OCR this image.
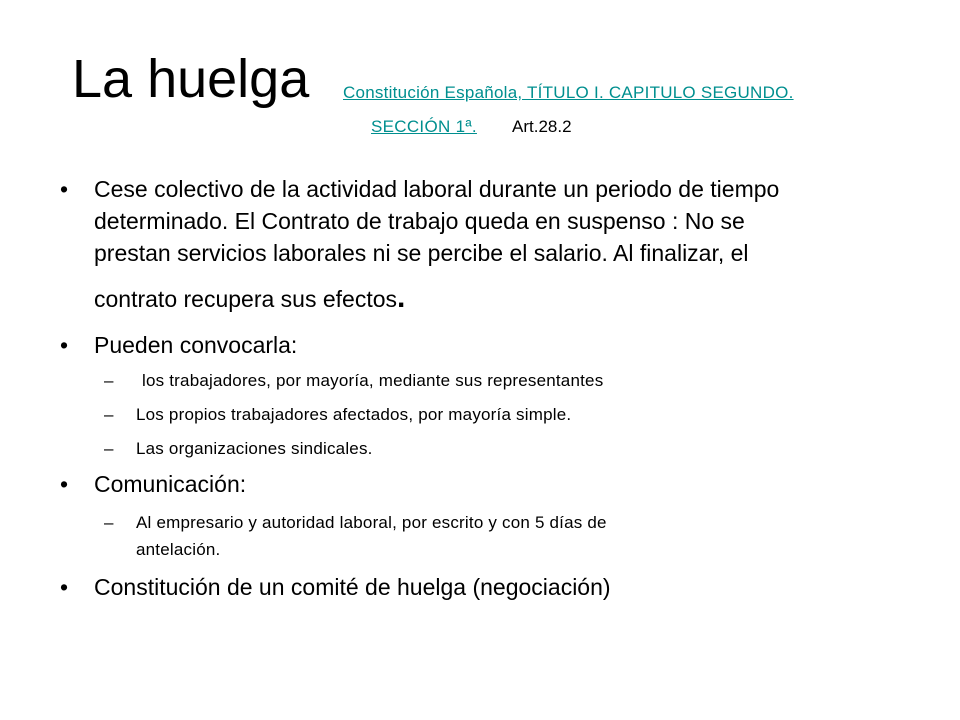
La huelga Constitución Española, TÍTULO I. CAPITULO SEGUNDO.
SECCIÓN 1ª. Art.28.2
• Cese colectivo de la actividad laboral durante un periodo de tiempo
determinado. El Contrato de trabajo queda en suspenso : No se
prestan servicios laborales ni se percibe el salario. Al finalizar, el
contrato recupera sus efectos.
• Pueden convocarla:
– los trabajadores, por mayoría, mediante sus representantes
– Los propios trabajadores afectados, por mayoría simple.
– Las organizaciones sindicales.
• Comunicación:
– Al empresario y autoridad laboral, por escrito y con 5 días de
antelación.
• Constitución de un comité de huelga (negociación)
